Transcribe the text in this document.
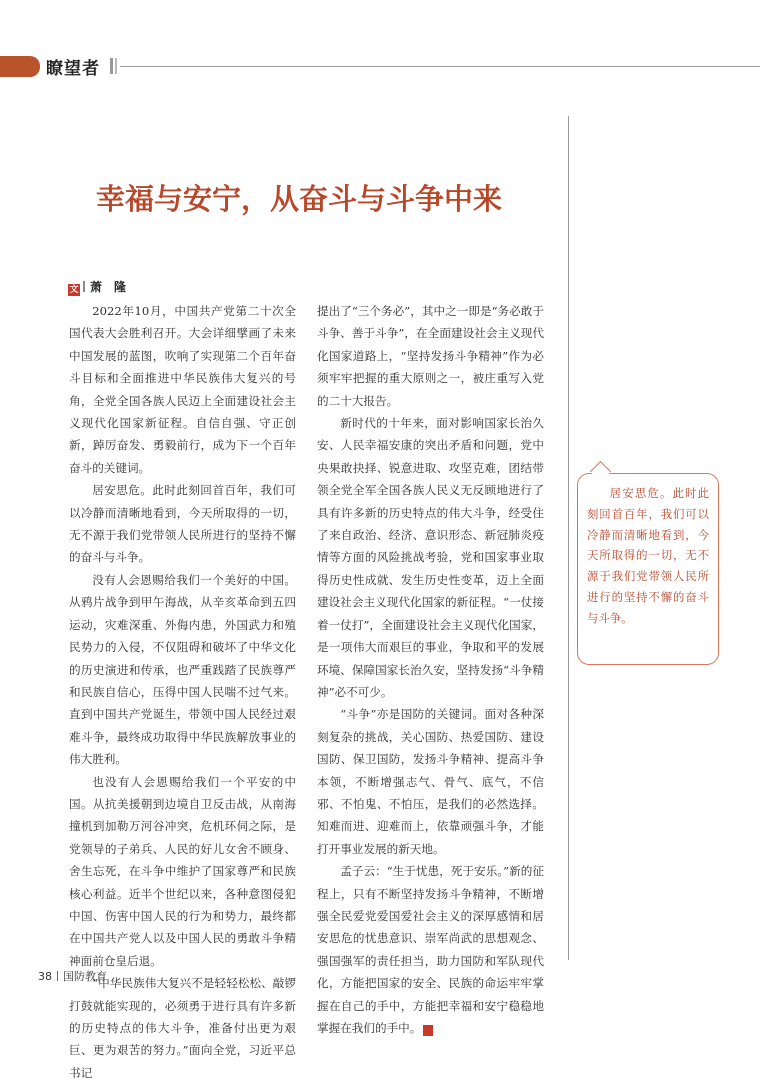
瞭望者
幸福与安宁，从奋斗与斗争中来
文 萧　隆

2022年10月，中国共产党第二十次全国代表大会胜利召开。大会详细擘画了未来中国发展的蓝图，吹响了实现第二个百年奋斗目标和全面推进中华民族伟大复兴的号角，全党全国各族人民迈上全面建设社会主义现代化国家新征程。自信自强、守正创新，踔厉奋发、勇毅前行，成为下一个百年奋斗的关键词。

居安思危。此时此刻回首百年，我们可以冷静而清晰地看到，今天所取得的一切，无不源于我们党带领人民所进行的坚持不懈的奋斗与斗争。

没有人会恩赐给我们一个美好的中国。从鸦片战争到甲午海战，从辛亥革命到五四运动，灾难深重、外侮内患，外国武力和殖民势力的入侵，不仅阻碍和破坏了中华文化的历史演进和传承，也严重践踏了民族尊严和民族自信心，压得中国人民喘不过气来。直到中国共产党诞生，带领中国人民经过艰难斗争，最终成功取得中华民族解放事业的伟大胜利。

也没有人会恩赐给我们一个平安的中国。从抗美援朝到边境自卫反击战，从南海撞机到加勒万河谷冲突，危机环伺之际，是党领导的子弟兵、人民的好儿女舍不顾身、舍生忘死，在斗争中维护了国家尊严和民族核心利益。近半个世纪以来，各种意图侵犯中国、伤害中国人民的行为和势力，最终都在中国共产党人以及中国人民的勇敢斗争精神面前仓皇后退。

“中华民族伟大复兴不是轻轻松松、敲锣打鼓就能实现的，必须勇于进行具有许多新的历史特点的伟大斗争，准备付出更为艰巨、更为艰苦的努力。”面向全党，习近平总书记

提出了“三个务必”，其中之一即是“务必敢于斗争、善于斗争”，在全面建设社会主义现代化国家道路上，“坚持发扬斗争精神”作为必须牢牢把握的重大原则之一，被庄重写入党的二十大报告。

新时代的十年来，面对影响国家长治久安、人民幸福安康的突出矛盾和问题，党中央果敢抉择、锐意进取、攻坚克难，团结带领全党全军全国各族人民义无反顾地进行了具有许多新的历史特点的伟大斗争，经受住了来自政治、经济、意识形态、新冠肺炎疫情等方面的风险挑战考验，党和国家事业取得历史性成就、发生历史性变革，迈上全面建设社会主义现代化国家的新征程。“一仗接着一仗打”，全面建设社会主义现代化国家，是一项伟大而艰巨的事业，争取和平的发展环境、保障国家长治久安，坚持发扬“斗争精神”必不可少。

“斗争”亦是国防的关键词。面对各种深刻复杂的挑战，关心国防、热爱国防、建设国防、保卫国防，发扬斗争精神、提高斗争本领，不断增强志气、骨气、底气，不信邪、不怕鬼、不怕压，是我们的必然选择。知难而进、迎难而上，依靠顽强斗争，才能打开事业发展的新天地。

孟子云：“生于忧患，死于安乐。”新的征程上，只有不断坚持发扬斗争精神，不断增强全民爱党爱国爱社会主义的深厚感情和居安思危的忧患意识、崇军尚武的思想观念、强国强军的责任担当，助力国防和军队现代化，方能把国家的安全、民族的命运牢牢掌握在自己的手中，方能把幸福和安宁稳稳地掌握在我们的手中。	G

居安思危。此时此刻回首百年，我们可以冷静而清晰地看到，今天所取得的一切，无不源于我们党带领人民所进行的坚持不懈的奋斗与斗争。
38 国防教育
